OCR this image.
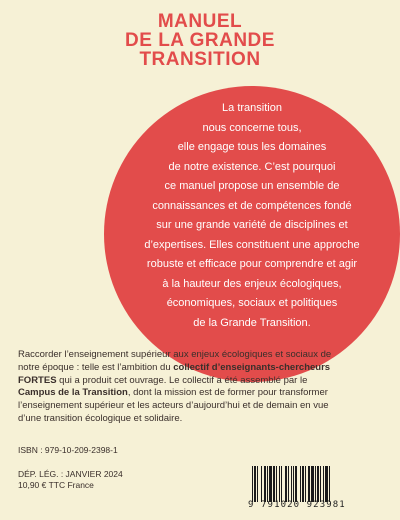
MANUEL
DE LA GRANDE
TRANSITION
La transition
nous concerne tous,
elle engage tous les domaines
de notre existence. C’est pourquoi
ce manuel propose un ensemble de
connaissances et de compétences fondé
sur une grande variété de disciplines et
d’expertises. Elles constituent une approche
robuste et efficace pour comprendre et agir
à la hauteur des enjeux écologiques,
économiques, sociaux et politiques
de la Grande Transition.
Raccorder l’enseignement supérieur aux enjeux écologiques et sociaux de
notre époque : telle est l’ambition du collectif d’enseignants-chercheurs
FORTES qui a produit cet ouvrage. Le collectif a été assemblé par le
Campus de la Transition, dont la mission est de former pour transformer
l’enseignement supérieur et les acteurs d’aujourd’hui et de demain en vue
d’une transition écologique et solidaire.
ISBN : 979-10-209-2398-1
DÉP. LÉG. : JANVIER 2024
10,90 € TTC France
9 791020 923981
